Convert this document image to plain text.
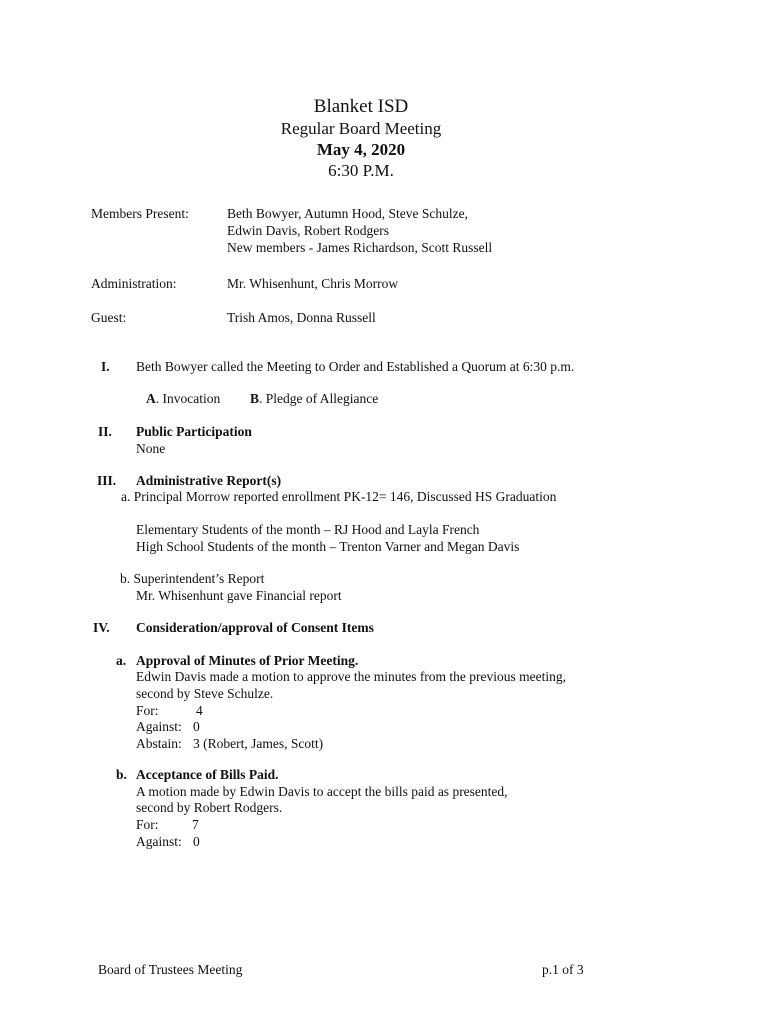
Blanket ISD
Regular Board Meeting
May 4, 2020
6:30 P.M.
Members Present:	Beth Bowyer, Autumn Hood, Steve Schulze,
Edwin Davis, Robert Rodgers
New members - James Richardson, Scott Russell
Administration:	Mr. Whisenhunt, Chris Morrow
Guest:	Trish Amos, Donna Russell
I. Beth Bowyer called the Meeting to Order and Established a Quorum at 6:30 p.m.
A. Invocation B. Pledge of Allegiance
II. Public Participation
None
III. Administrative Report(s)
a. Principal Morrow reported enrollment PK-12= 146, Discussed HS Graduation
Elementary Students of the month – RJ Hood and Layla French
High School Students of the month – Trenton Varner and Megan Davis
b. Superintendent’s Report
Mr. Whisenhunt gave Financial report
IV. Consideration/approval of Consent Items
a. Approval of Minutes of Prior Meeting.
Edwin Davis made a motion to approve the minutes from the previous meeting,
second by Steve Schulze.
For:	4
Against: 0
Abstain: 3 (Robert, James, Scott)
b. Acceptance of Bills Paid.
A motion made by Edwin Davis to accept the bills paid as presented,
second by Robert Rodgers.
For: 7
Against: 0
Board of Trustees Meeting	p.1 of 3
